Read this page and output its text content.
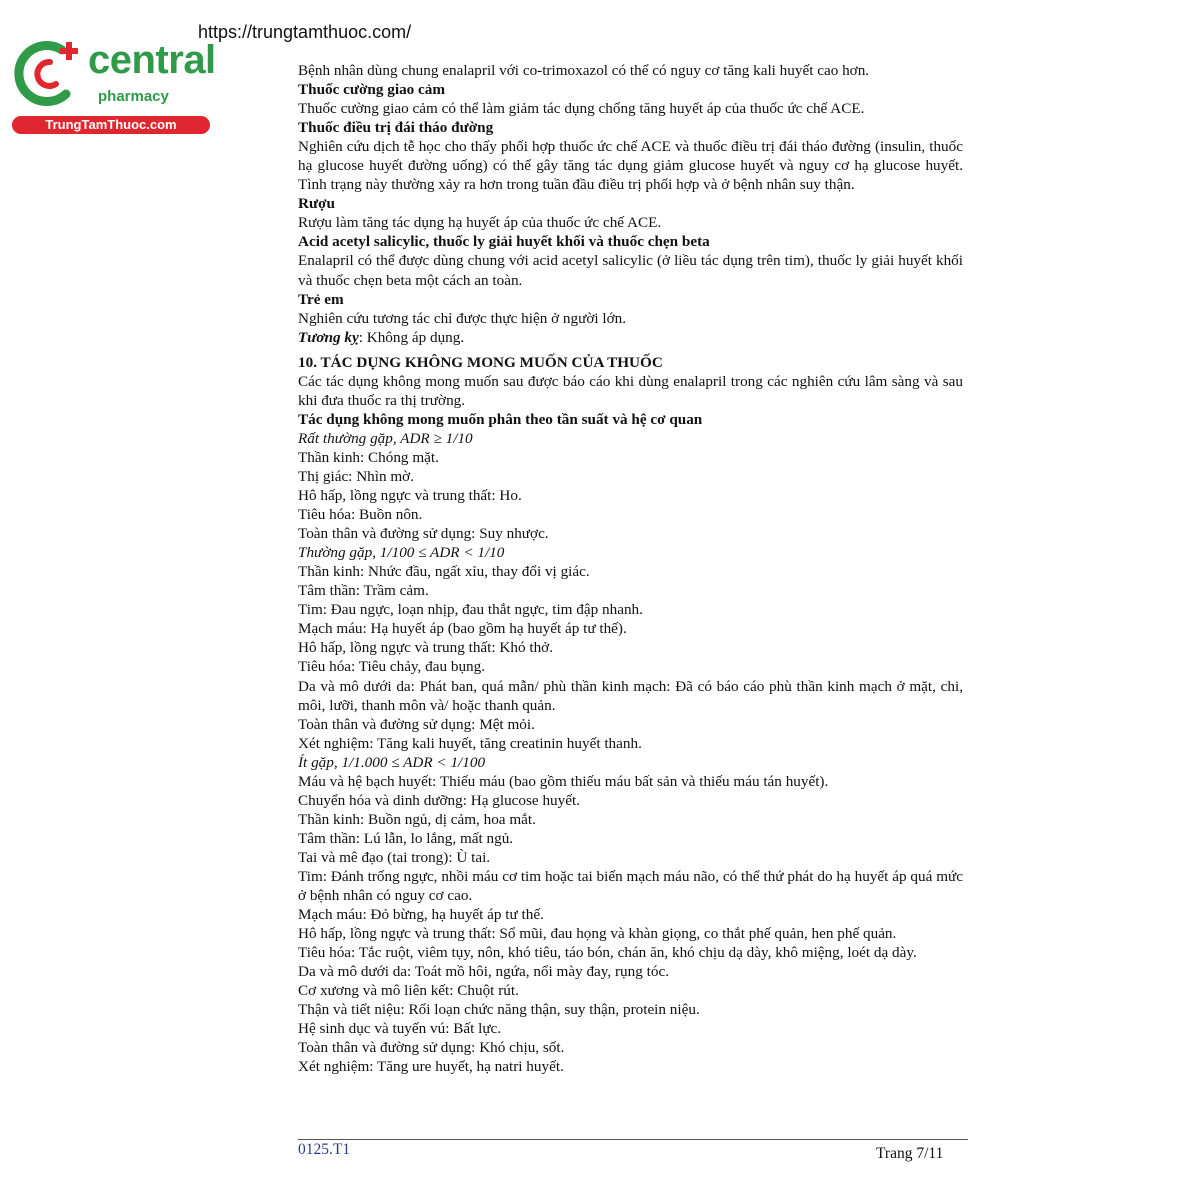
https://trungtamthuoc.com/
central
pharmacy
TrungTamThuoc.com

Bệnh nhân dùng chung enalapril với co-trimoxazol có thể có nguy cơ tăng kali huyết cao hơn.

Thuốc cường giao cảm

Thuốc cường giao cảm có thể làm giảm tác dụng chống tăng huyết áp của thuốc ức chế ACE.

Thuốc điều trị đái tháo đường

Nghiên cứu dịch tễ học cho thấy phối hợp thuốc ức chế ACE và thuốc điều trị đái tháo đường (insulin, thuốc hạ glucose huyết đường uống) có thể gây tăng tác dụng giảm glucose huyết và nguy cơ hạ glucose huyết. Tình trạng này thường xảy ra hơn trong tuần đầu điều trị phối hợp và ở bệnh nhân suy thận.

Rượu

Rượu làm tăng tác dụng hạ huyết áp của thuốc ức chế ACE.

Acid acetyl salicylic, thuốc ly giải huyết khối và thuốc chẹn beta

Enalapril có thể được dùng chung với acid acetyl salicylic (ở liều tác dụng trên tim), thuốc ly giải huyết khối và thuốc chẹn beta một cách an toàn.

Trẻ em

Nghiên cứu tương tác chỉ được thực hiện ở người lớn.

Tương kỵ: Không áp dụng.

10. TÁC DỤNG KHÔNG MONG MUỐN CỦA THUỐC

Các tác dụng không mong muốn sau được báo cáo khi dùng enalapril trong các nghiên cứu lâm sàng và sau khi đưa thuốc ra thị trường.

Tác dụng không mong muốn phân theo tần suất và hệ cơ quan

Rất thường gặp, ADR ≥ 1/10

Thần kinh: Chóng mặt.

Thị giác: Nhìn mờ.

Hô hấp, lồng ngực và trung thất: Ho.

Tiêu hóa: Buồn nôn.

Toàn thân và đường sử dụng: Suy nhược.

Thường gặp, 1/100 ≤ ADR < 1/10

Thần kinh: Nhức đầu, ngất xỉu, thay đổi vị giác.

Tâm thần: Trầm cảm.

Tim: Đau ngực, loạn nhịp, đau thắt ngực, tim đập nhanh.

Mạch máu: Hạ huyết áp (bao gồm hạ huyết áp tư thế).

Hô hấp, lồng ngực và trung thất: Khó thở.

Tiêu hóa: Tiêu chảy, đau bụng.

Da và mô dưới da: Phát ban, quá mẫn/ phù thần kinh mạch: Đã có báo cáo phù thần kinh mạch ở mặt, chi, môi, lưỡi, thanh môn và/ hoặc thanh quản.

Toàn thân và đường sử dụng: Mệt mỏi.

Xét nghiệm: Tăng kali huyết, tăng creatinin huyết thanh.

Ít gặp, 1/1.000 ≤ ADR < 1/100

Máu và hệ bạch huyết: Thiếu máu (bao gồm thiếu máu bất sản và thiếu máu tán huyết).

Chuyển hóa và dinh dưỡng: Hạ glucose huyết.

Thần kinh: Buồn ngủ, dị cảm, hoa mắt.

Tâm thần: Lú lẫn, lo lắng, mất ngủ.

Tai và mê đạo (tai trong): Ù tai.

Tim: Đánh trống ngực, nhồi máu cơ tim hoặc tai biến mạch máu não, có thể thứ phát do hạ huyết áp quá mức ở bệnh nhân có nguy cơ cao.

Mạch máu: Đỏ bừng, hạ huyết áp tư thế.

Hô hấp, lồng ngực và trung thất: Sổ mũi, đau họng và khàn giọng, co thắt phế quản, hen phế quản.

Tiêu hóa: Tắc ruột, viêm tụy, nôn, khó tiêu, táo bón, chán ăn, khó chịu dạ dày, khô miệng, loét dạ dày.

Da và mô dưới da: Toát mồ hôi, ngứa, nổi mày đay, rụng tóc.

Cơ xương và mô liên kết: Chuột rút.

Thận và tiết niệu: Rối loạn chức năng thận, suy thận, protein niệu.

Hệ sinh dục và tuyến vú: Bất lực.

Toàn thân và đường sử dụng: Khó chịu, sốt.

Xét nghiệm: Tăng ure huyết, hạ natri huyết.

0125.T1	Trang 7/11
